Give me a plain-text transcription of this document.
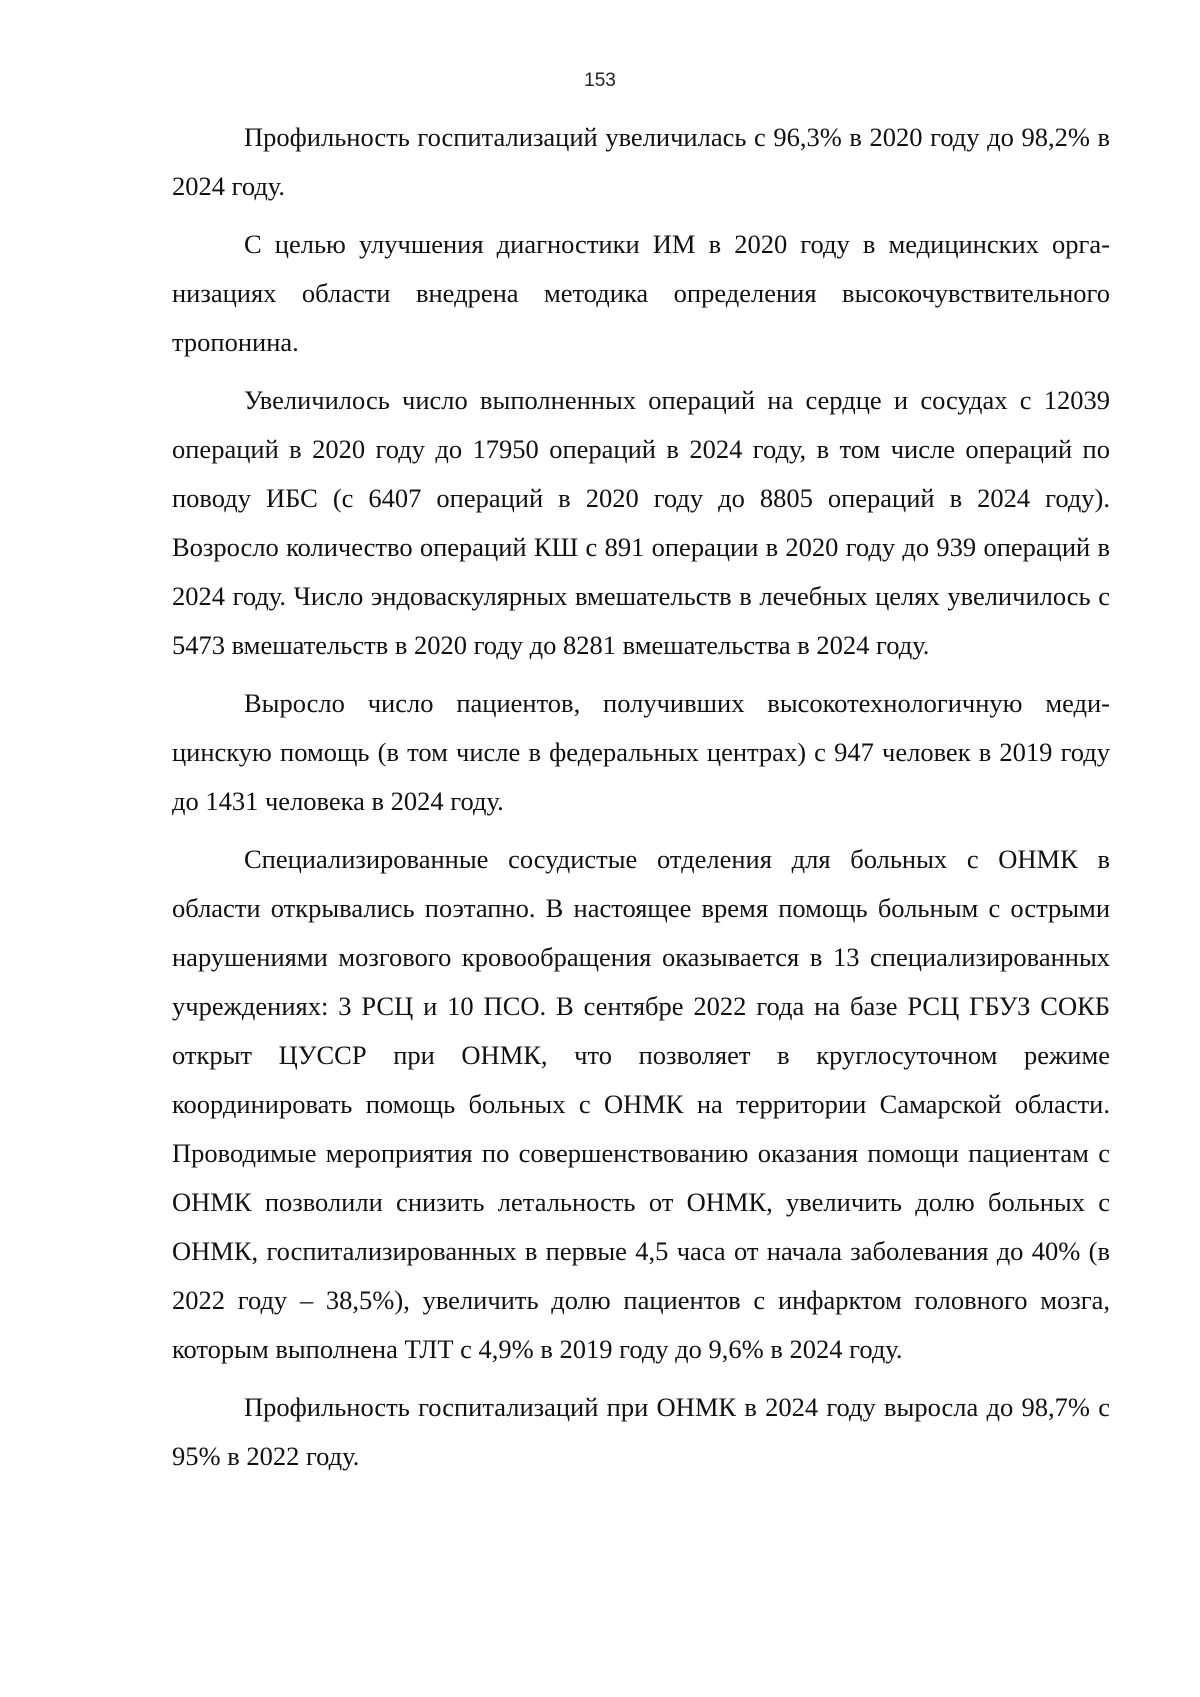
153

Профильность госпитализаций увеличилась с 96,3% в 2020 году до 98,2% в 2024 году.

С целью улучшения диагностики ИМ в 2020 году в медицинских организациях области внедрена методика определения высокочувствительного тропонина.

Увеличилось число выполненных операций на сердце и сосудах с 12039 операций в 2020 году до 17950 операций в 2024 году, в том числе операций по поводу ИБС (с 6407 операций в 2020 году до 8805 операций в 2024 году). Возросло количество операций КШ с 891 операции в 2020 году до 939 операций в 2024 году. Число эндоваскулярных вмешательств в лечебных целях увеличилось с 5473 вмешательств в 2020 году до 8281 вмешательства в 2024 году.

Выросло число пациентов, получивших высокотехнологичную медицинскую помощь (в том числе в федеральных центрах) с 947 человек в 2019 году до 1431 человека в 2024 году.

Специализированные сосудистые отделения для больных с ОНМК в области открывались поэтапно. В настоящее время помощь больным с острыми нарушениями мозгового кровообращения оказывается в 13 специализированных учреждениях: 3 РСЦ и 10 ПСО. В сентябре 2022 года на базе РСЦ ГБУЗ СОКБ открыт ЦУССР при ОНМК, что позволяет в круглосуточном режиме координировать помощь больных с ОНМК на территории Самарской области. Проводимые мероприятия по совершенствованию оказания помощи пациентам с ОНМК позволили снизить летальность от ОНМК, увеличить долю больных с ОНМК, госпитализированных в первые 4,5 часа от начала заболевания до 40% (в 2022 году – 38,5%), увеличить долю пациентов с инфарктом головного мозга, которым выполнена ТЛТ с 4,9% в 2019 году до 9,6% в 2024 году.

Профильность госпитализаций при ОНМК в 2024 году выросла до 98,7% с 95% в 2022 году.
